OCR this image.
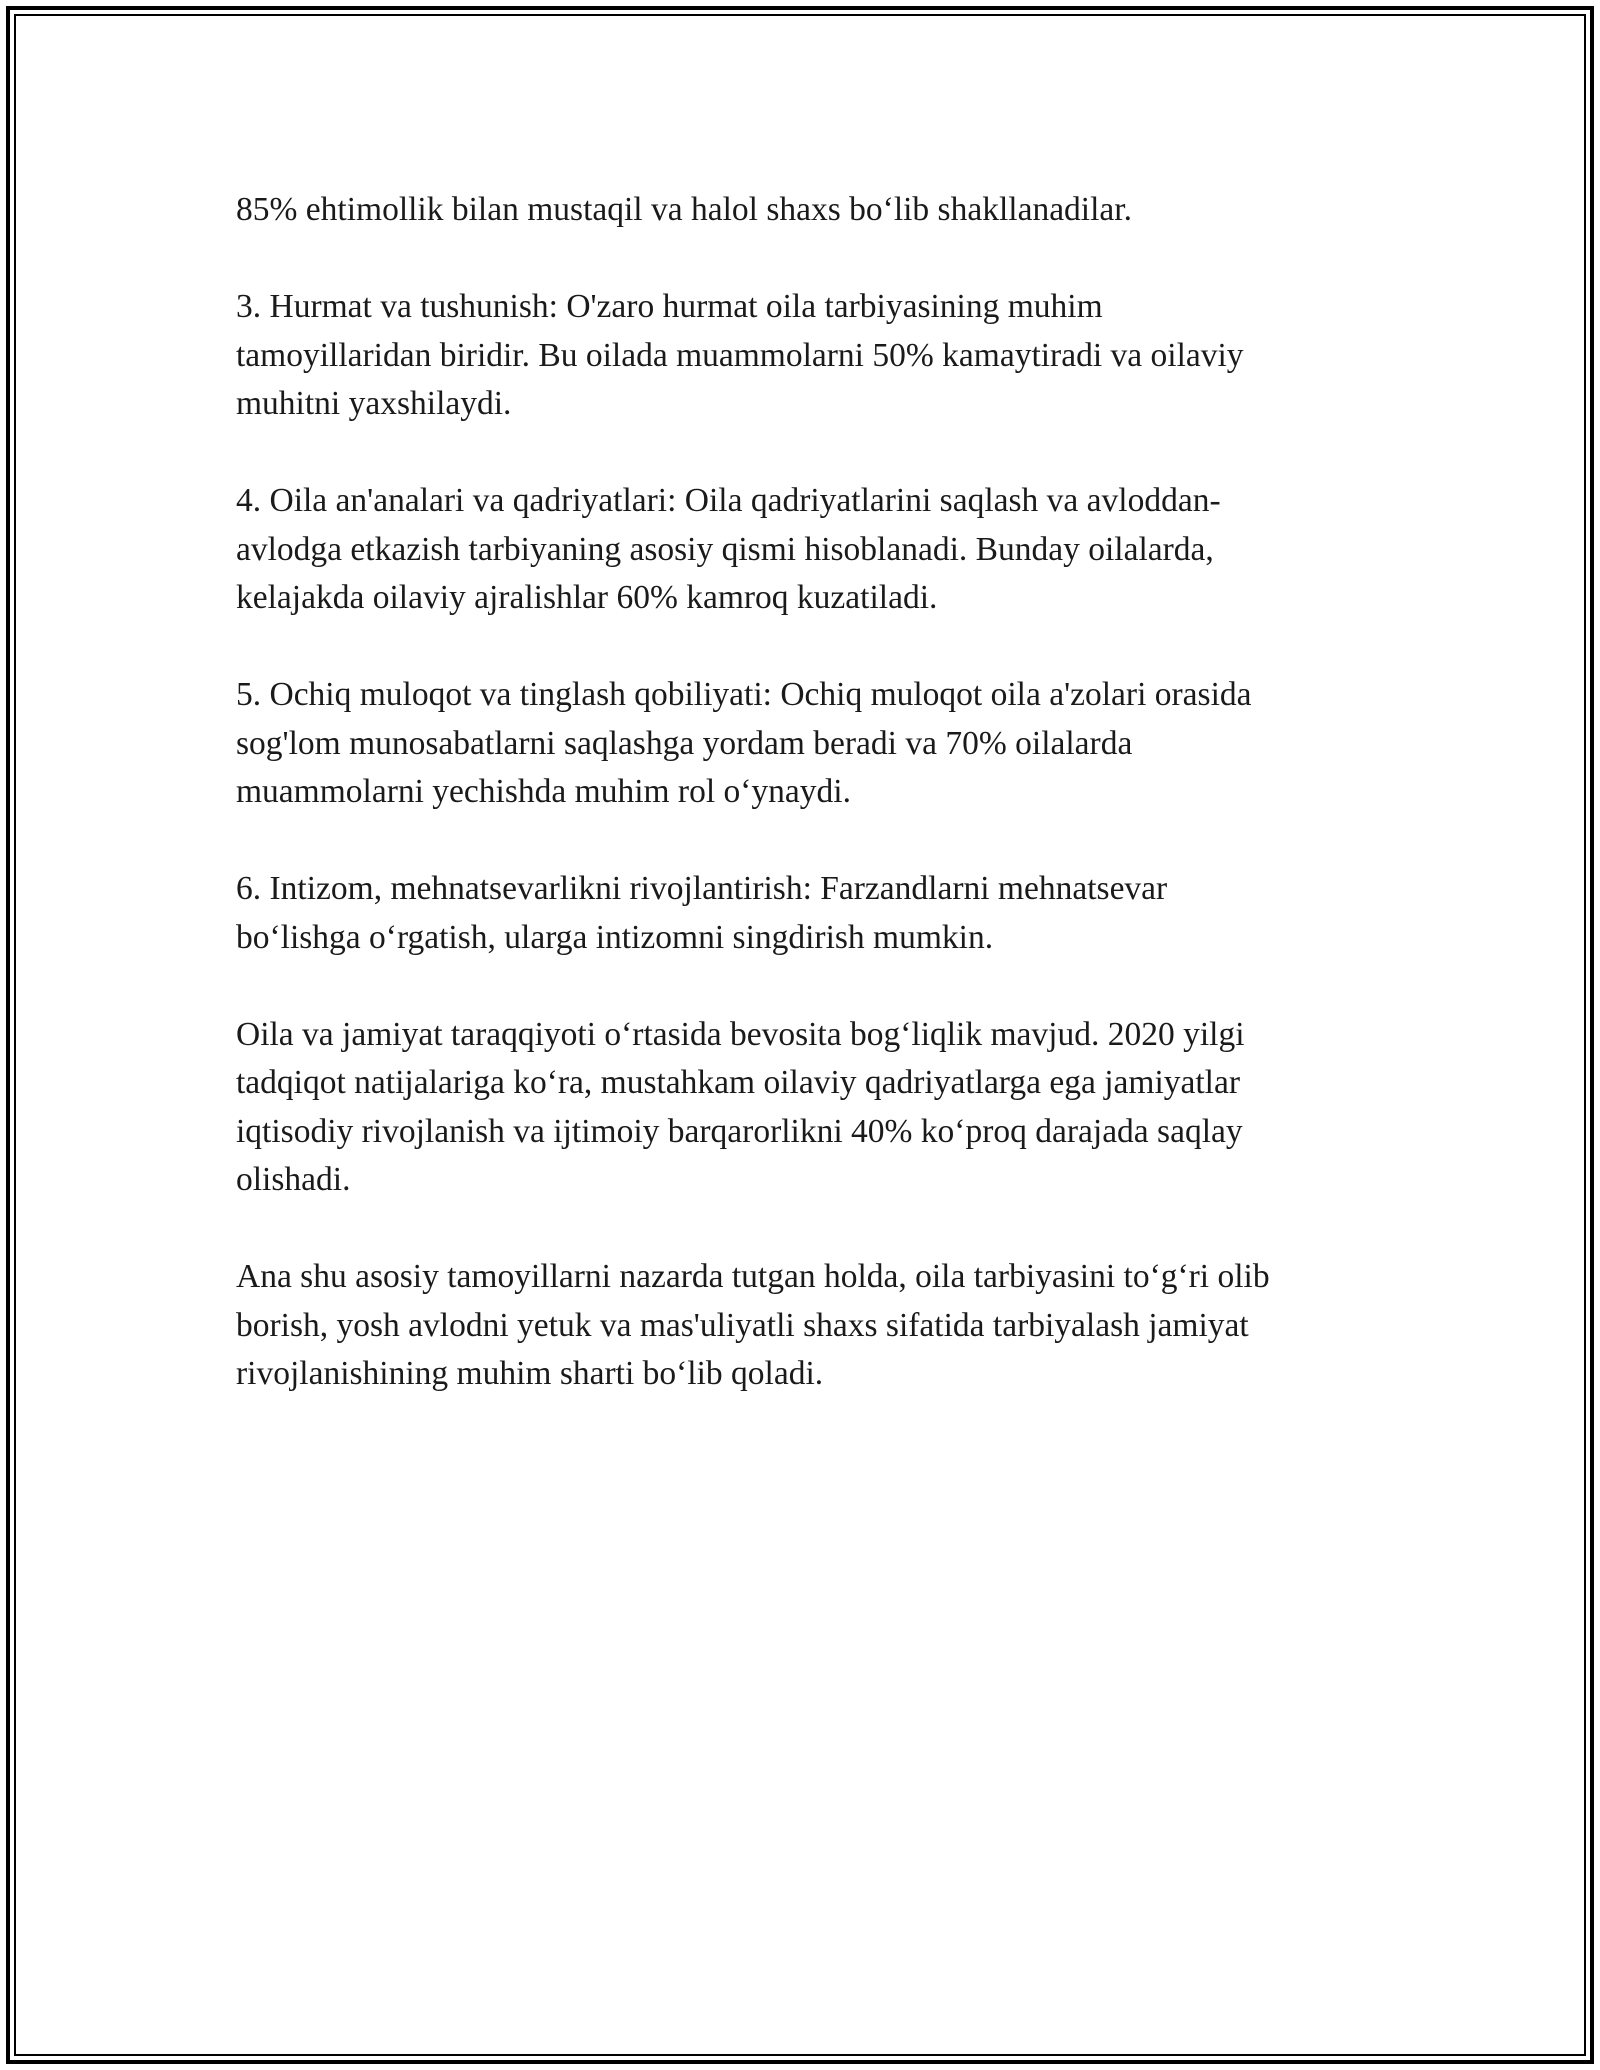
85% ehtimollik bilan mustaqil va halol shaxs bo‘lib shakllanadilar.

3. Hurmat va tushunish: O'zaro hurmat oila tarbiyasining muhim
tamoyillaridan biridir. Bu oilada muammolarni 50% kamaytiradi va oilaviy
muhitni yaxshilaydi.

4. Oila an'analari va qadriyatlari: Oila qadriyatlarini saqlash va avloddan-
avlodga etkazish tarbiyaning asosiy qismi hisoblanadi. Bunday oilalarda,
kelajakda oilaviy ajralishlar 60% kamroq kuzatiladi.

5. Ochiq muloqot va tinglash qobiliyati: Ochiq muloqot oila a'zolari orasida
sog'lom munosabatlarni saqlashga yordam beradi va 70% oilalarda
muammolarni yechishda muhim rol o‘ynaydi.

6. Intizom, mehnatsevarlikni rivojlantirish: Farzandlarni mehnatsevar
bo‘lishga o‘rgatish, ularga intizomni singdirish mumkin.

Oila va jamiyat taraqqiyoti o‘rtasida bevosita bog‘liqlik mavjud. 2020 yilgi
tadqiqot natijalariga ko‘ra, mustahkam oilaviy qadriyatlarga ega jamiyatlar
iqtisodiy rivojlanish va ijtimoiy barqarorlikni 40% ko‘proq darajada saqlay
olishadi.

Ana shu asosiy tamoyillarni nazarda tutgan holda, oila tarbiyasini to‘g‘ri olib
borish, yosh avlodni yetuk va mas'uliyatli shaxs sifatida tarbiyalash jamiyat
rivojlanishining muhim sharti bo‘lib qoladi.
